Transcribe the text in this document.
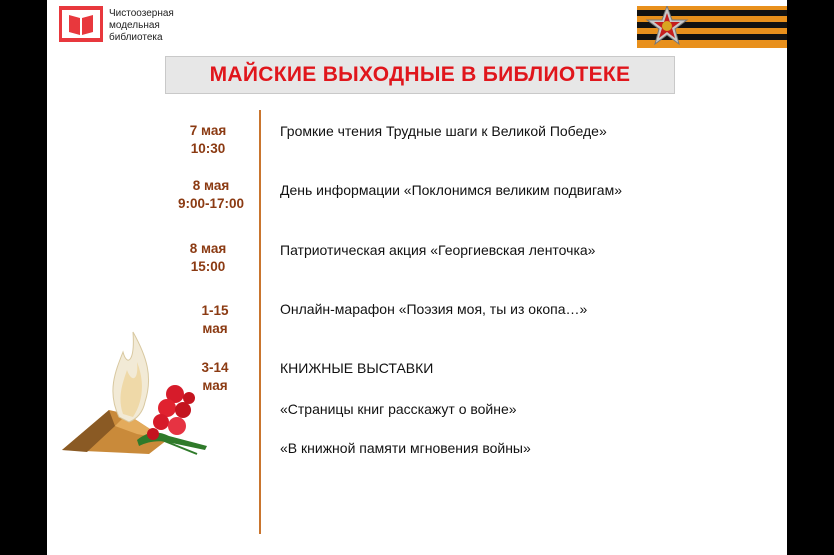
Чистоозерная
модельная
библиотека
МАЙСКИЕ ВЫХОДНЫЕ В БИБЛИОТЕКЕ
7 мая
10:30
Громкие чтения Трудные шаги к Великой Победе»
8 мая
9:00-17:00
День информации «Поклонимся великим подвигам»
8 мая
15:00
Патриотическая акция «Георгиевская ленточка»
1-15
мая
Онлайн-марафон «Поэзия моя, ты из окопа…»
3-14
мая
КНИЖНЫЕ ВЫСТАВКИ
«Страницы книг расскажут о войне»
«В книжной памяти мгновения войны»
